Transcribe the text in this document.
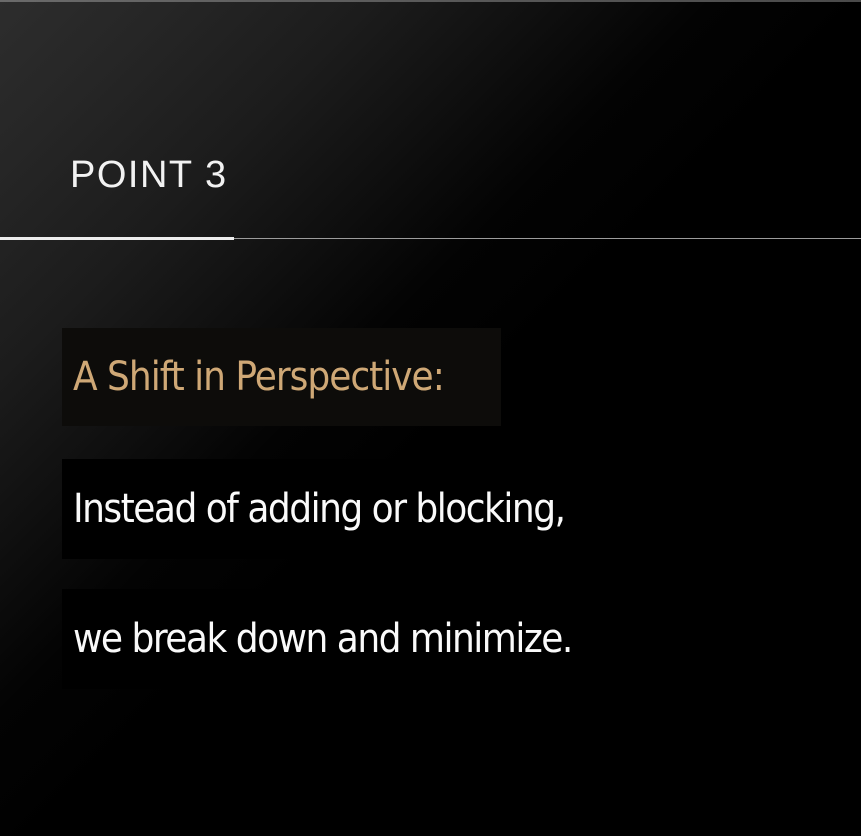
POINT 3
A Shift in Perspective:
Instead of adding or blocking,
we break down and minimize.
